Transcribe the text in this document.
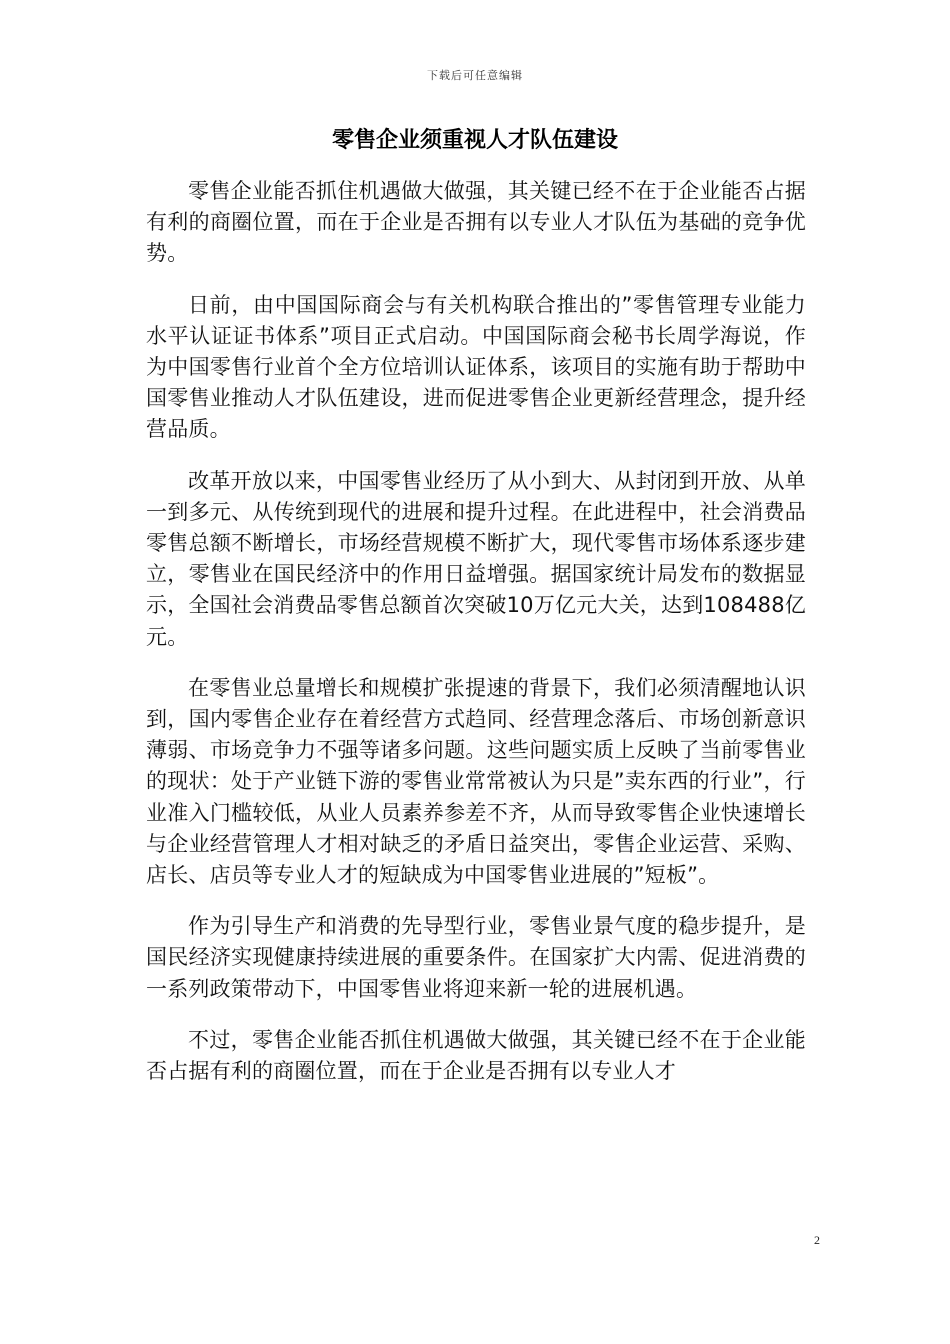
下载后可任意编辑
零售企业须重视人才队伍建设

零售企业能否抓住机遇做大做强，其关键已经不在于企业能否占据有利的商圈位置，而在于企业是否拥有以专业人才队伍为基础的竞争优势。

日前，由中国国际商会与有关机构联合推出的”零售管理专业能力水平认证证书体系”项目正式启动。中国国际商会秘书长周学海说，作为中国零售行业首个全方位培训认证体系，该项目的实施有助于帮助中国零售业推动人才队伍建设，进而促进零售企业更新经营理念，提升经营品质。

改革开放以来，中国零售业经历了从小到大、从封闭到开放、从单一到多元、从传统到现代的进展和提升过程。在此进程中，社会消费品零售总额不断增长，市场经营规模不断扩大，现代零售市场体系逐步建立，零售业在国民经济中的作用日益增强。据国家统计局发布的数据显示，全国社会消费品零售总额首次突破10万亿元大关，达到108488亿元。

在零售业总量增长和规模扩张提速的背景下，我们必须清醒地认识到，国内零售企业存在着经营方式趋同、经营理念落后、市场创新意识薄弱、市场竞争力不强等诸多问题。这些问题实质上反映了当前零售业的现状：处于产业链下游的零售业常常被认为只是”卖东西的行业”，行业准入门槛较低，从业人员素养参差不齐，从而导致零售企业快速增长与企业经营管理人才相对缺乏的矛盾日益突出，零售企业运营、采购、店长、店员等专业人才的短缺成为中国零售业进展的”短板”。

作为引导生产和消费的先导型行业，零售业景气度的稳步提升，是国民经济实现健康持续进展的重要条件。在国家扩大内需、促进消费的一系列政策带动下，中国零售业将迎来新一轮的进展机遇。

不过，零售企业能否抓住机遇做大做强，其关键已经不在于企业能否占据有利的商圈位置，而在于企业是否拥有以专业人才

2
